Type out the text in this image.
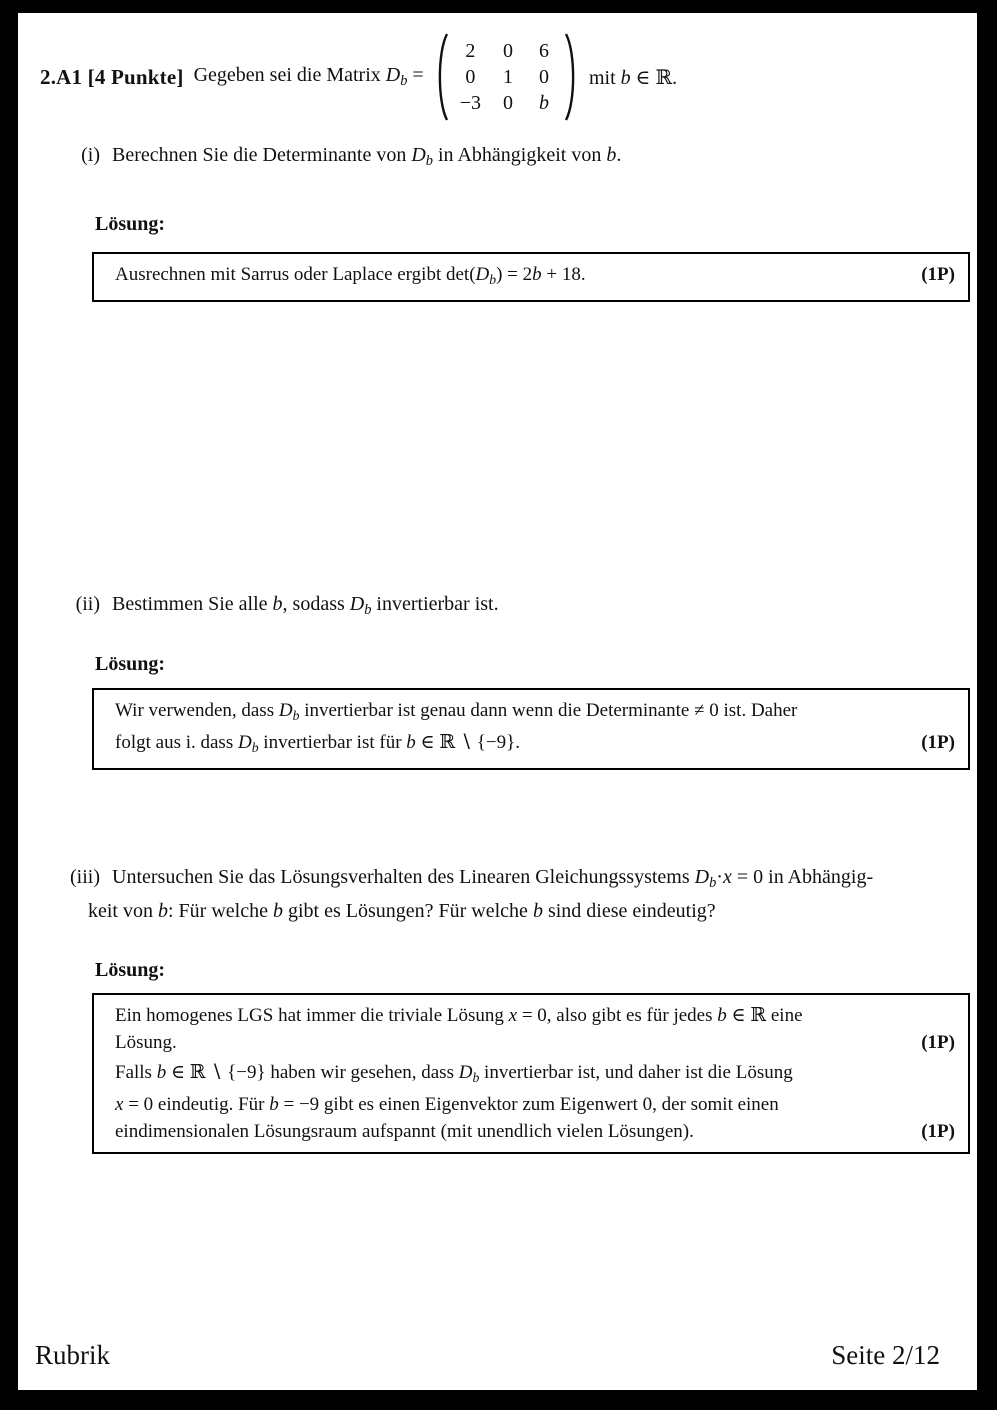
2.A1 [4 Punkte] Gegeben sei die Matrix $D_b$ =
2 0 6
0 1 0
−3 0 b
mit b ∈ ℝ.
(i) Berechnen Sie die Determinante von $D_b$ in Abhängigkeit von b.
Lösung:
Ausrechnen mit Sarrus oder Laplace ergibt $\det(D_b) = 2b + 18$.	(1P)
(ii) Bestimmen Sie alle b, sodass $D_b$ invertierbar ist.
Lösung:
Wir verwenden, dass $D_b$ invertierbar ist genau dann wenn die Determinante ≠ 0 ist. Daher
folgt aus i. dass $D_b$ invertierbar ist für b ∈ ℝ ∖ {−9}.	(1P)
(iii) Untersuchen Sie das Lösungsverhalten des Linearen Gleichungssystems $D_b\cdot x = 0$ in Abhängig-
keit von b: Für welche b gibt es Lösungen? Für welche b sind diese eindeutig?
Lösung:
Ein homogenes LGS hat immer die triviale Lösung x = 0, also gibt es für jedes b ∈ ℝ eine
Lösung.	(1P)
Falls b ∈ ℝ ∖ {−9} haben wir gesehen, dass $D_b$ invertierbar ist, und daher ist die Lösung
x = 0 eindeutig. Für b = −9 gibt es einen Eigenvektor zum Eigenwert 0, der somit einen
eindimensionalen Lösungsraum aufspannt (mit unendlich vielen Lösungen).	(1P)
Rubrik	Seite 2/12
